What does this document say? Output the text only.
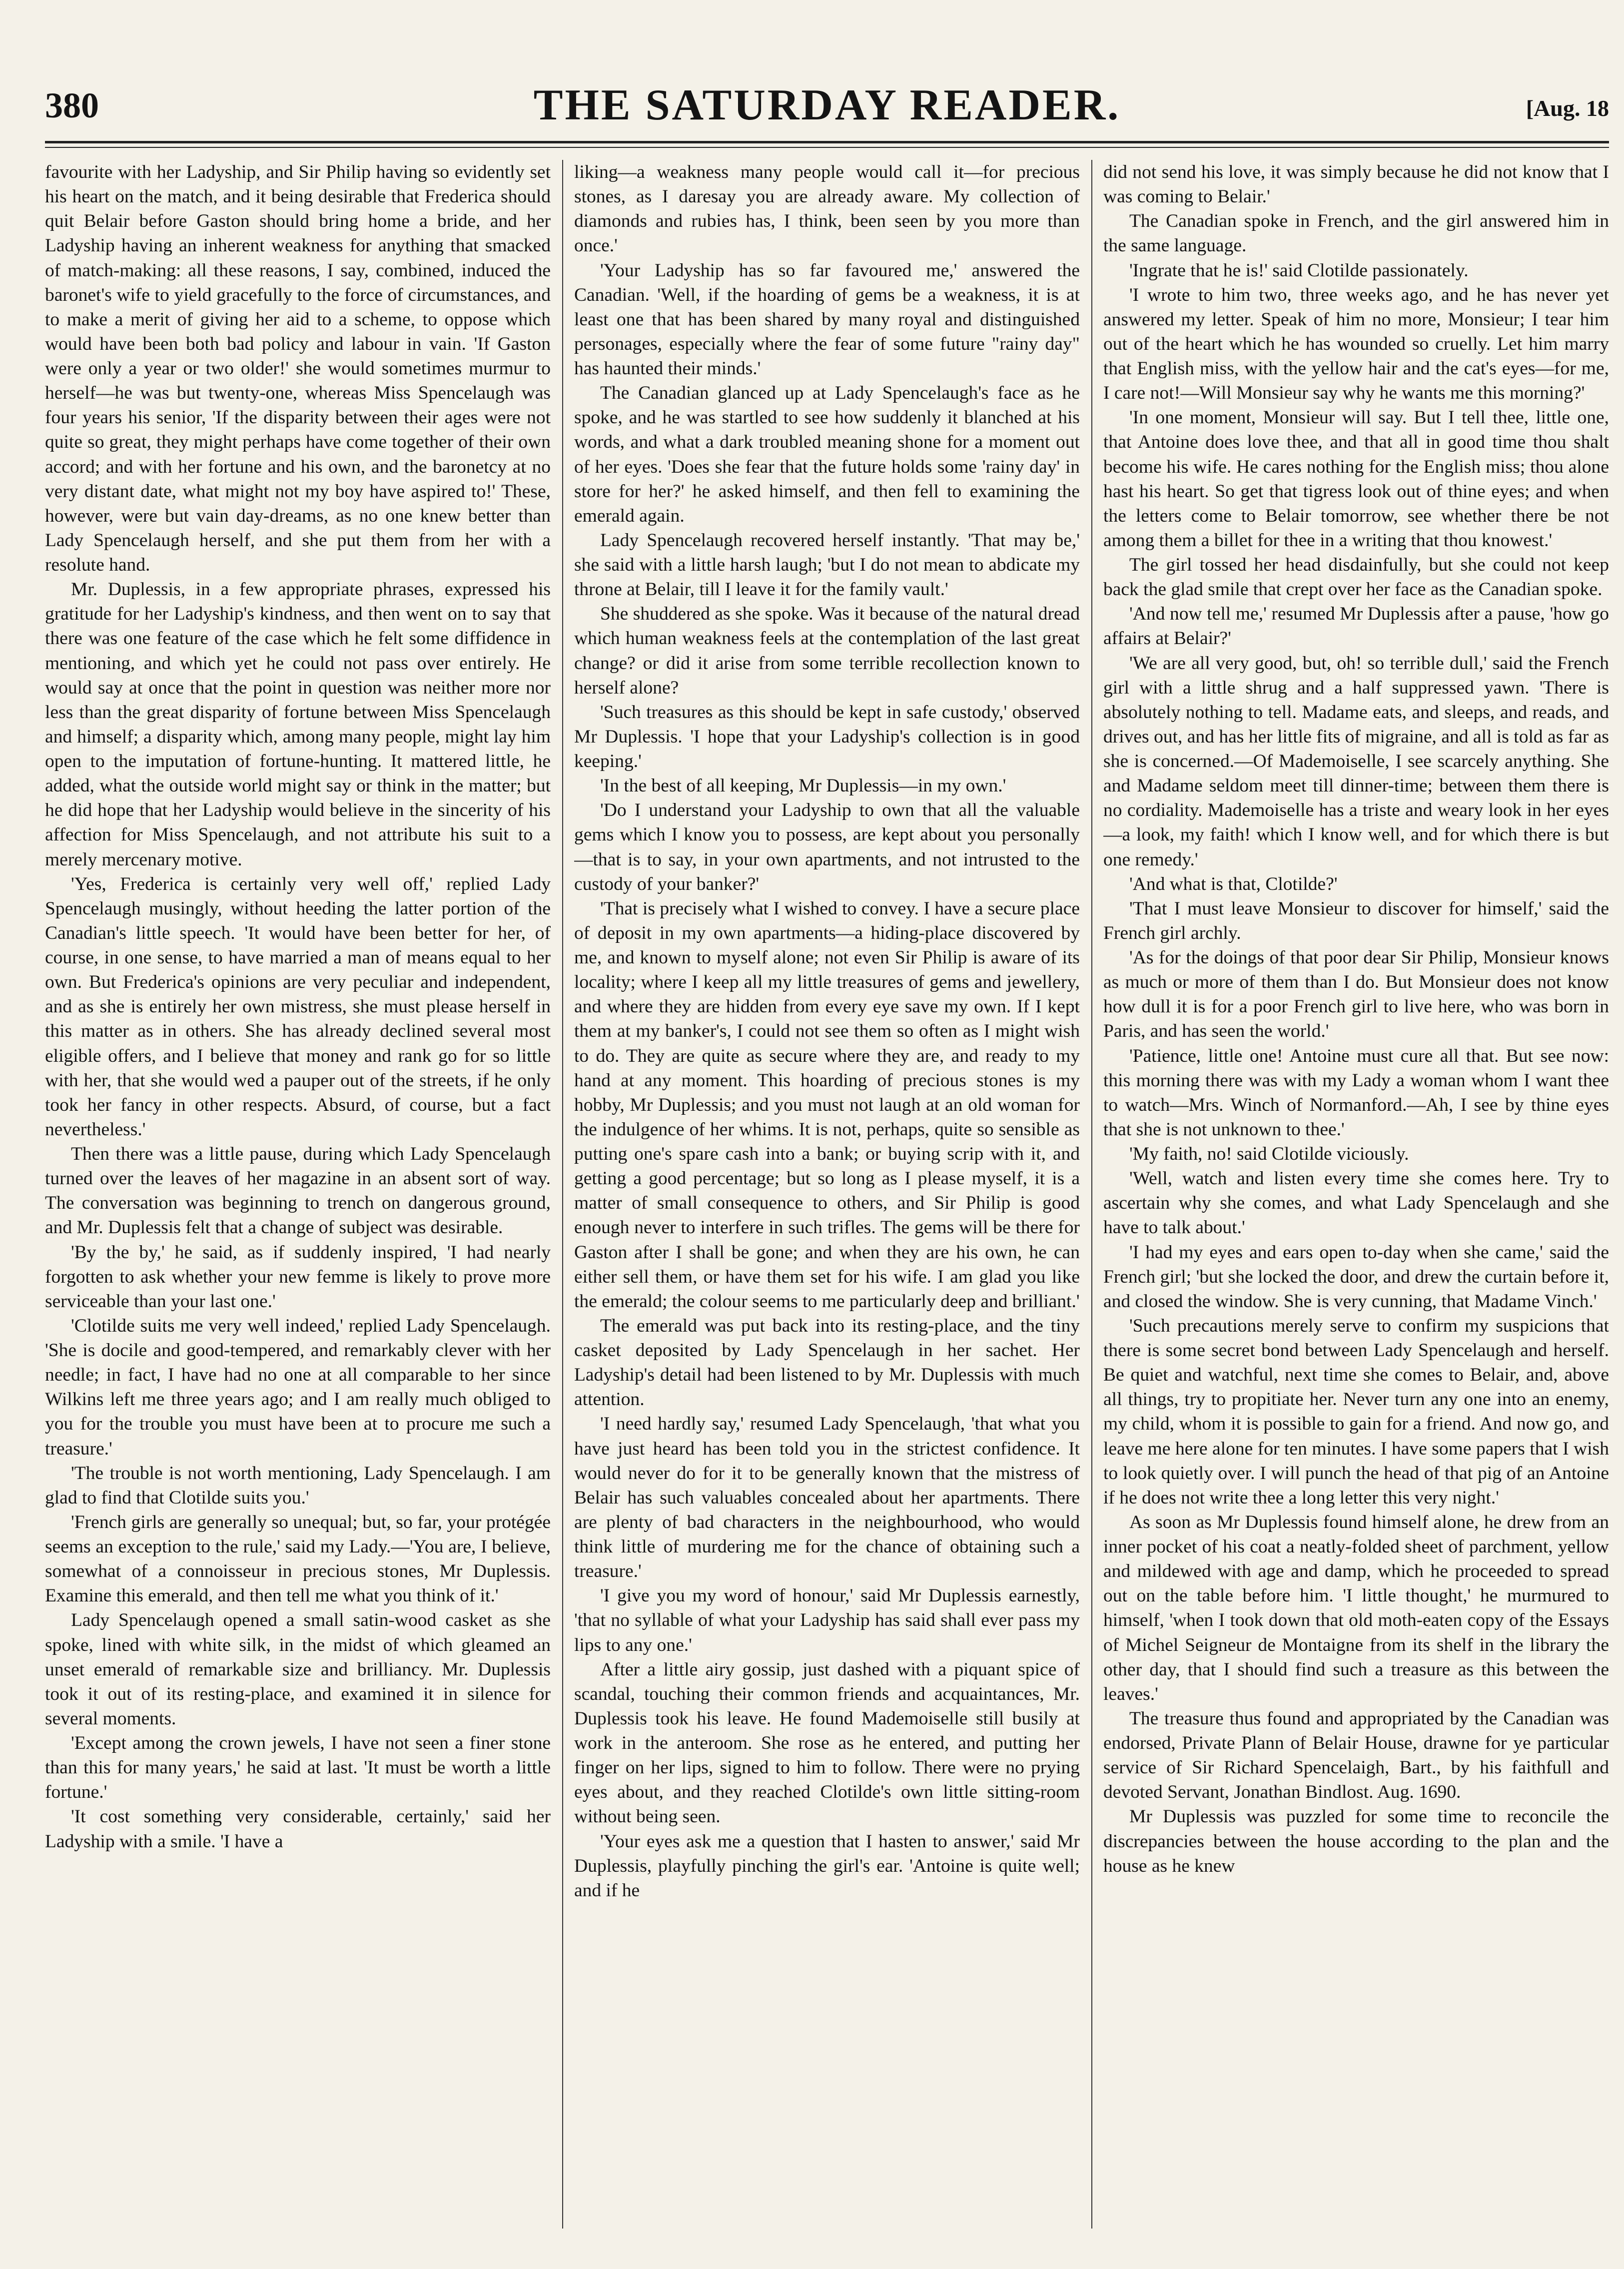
380	THE SATURDAY READER.	[Aug. 18

favourite with her Ladyship, and Sir Philip having so evidently set his heart on the match, and it being desirable that Frederica should quit Belair before Gaston should bring home a bride, and her Ladyship having an inherent weakness for anything that smacked of match-making: all these reasons, I say, combined, induced the baronet's wife to yield gracefully to the force of circumstances, and to make a merit of giving her aid to a scheme, to oppose which would have been both bad policy and labour in vain. 'If Gaston were only a year or two older!' she would sometimes murmur to herself—he was but twenty-one, whereas Miss Spencelaugh was four years his senior, 'If the disparity between their ages were not quite so great, they might perhaps have come together of their own accord; and with her fortune and his own, and the baronetcy at no very distant date, what might not my boy have aspired to!' These, however, were but vain day-dreams, as no one knew better than Lady Spencelaugh herself, and she put them from her with a resolute hand.

Mr. Duplessis, in a few appropriate phrases, expressed his gratitude for her Ladyship's kindness, and then went on to say that there was one feature of the case which he felt some diffidence in mentioning, and which yet he could not pass over entirely. He would say at once that the point in question was neither more nor less than the great disparity of fortune between Miss Spencelaugh and himself; a disparity which, among many people, might lay him open to the imputation of fortune-hunting. It mattered little, he added, what the outside world might say or think in the matter; but he did hope that her Ladyship would believe in the sincerity of his affection for Miss Spencelaugh, and not attribute his suit to a merely mercenary motive.

'Yes, Frederica is certainly very well off,' replied Lady Spencelaugh musingly, without heeding the latter portion of the Canadian's little speech. 'It would have been better for her, of course, in one sense, to have married a man of means equal to her own. But Frederica's opinions are very peculiar and independent, and as she is entirely her own mistress, she must please herself in this matter as in others. She has already declined several most eligible offers, and I believe that money and rank go for so little with her, that she would wed a pauper out of the streets, if he only took her fancy in other respects. Absurd, of course, but a fact nevertheless.'

Then there was a little pause, during which Lady Spencelaugh turned over the leaves of her magazine in an absent sort of way. The conversation was beginning to trench on dangerous ground, and Mr. Duplessis felt that a change of subject was desirable.

'By the by,' he said, as if suddenly inspired, 'I had nearly forgotten to ask whether your new femme is likely to prove more serviceable than your last one.'

'Clotilde suits me very well indeed,' replied Lady Spencelaugh. 'She is docile and good-tempered, and remarkably clever with her needle; in fact, I have had no one at all comparable to her since Wilkins left me three years ago; and I am really much obliged to you for the trouble you must have been at to procure me such a treasure.'

'The trouble is not worth mentioning, Lady Spencelaugh. I am glad to find that Clotilde suits you.'

'French girls are generally so unequal; but, so far, your protégée seems an exception to the rule,' said my Lady.—'You are, I believe, somewhat of a connoisseur in precious stones, Mr Duplessis. Examine this emerald, and then tell me what you think of it.'

Lady Spencelaugh opened a small satin-wood casket as she spoke, lined with white silk, in the midst of which gleamed an unset emerald of remarkable size and brilliancy. Mr. Duplessis took it out of its resting-place, and examined it in silence for several moments.

'Except among the crown jewels, I have not seen a finer stone than this for many years,' he said at last. 'It must be worth a little fortune.'

'It cost something very considerable, certainly,' said her Ladyship with a smile. 'I have a

liking—a weakness many people would call it—for precious stones, as I daresay you are already aware. My collection of diamonds and rubies has, I think, been seen by you more than once.'

'Your Ladyship has so far favoured me,' answered the Canadian. 'Well, if the hoarding of gems be a weakness, it is at least one that has been shared by many royal and distinguished personages, especially where the fear of some future "rainy day" has haunted their minds.'

The Canadian glanced up at Lady Spencelaugh's face as he spoke, and he was startled to see how suddenly it blanched at his words, and what a dark troubled meaning shone for a moment out of her eyes. 'Does she fear that the future holds some 'rainy day' in store for her?' he asked himself, and then fell to examining the emerald again.

Lady Spencelaugh recovered herself instantly. 'That may be,' she said with a little harsh laugh; 'but I do not mean to abdicate my throne at Belair, till I leave it for the family vault.'

She shuddered as she spoke. Was it because of the natural dread which human weakness feels at the contemplation of the last great change? or did it arise from some terrible recollection known to herself alone?

'Such treasures as this should be kept in safe custody,' observed Mr Duplessis. 'I hope that your Ladyship's collection is in good keeping.'

'In the best of all keeping, Mr Duplessis—in my own.'

'Do I understand your Ladyship to own that all the valuable gems which I know you to possess, are kept about you personally—that is to say, in your own apartments, and not intrusted to the custody of your banker?'

'That is precisely what I wished to convey. I have a secure place of deposit in my own apartments—a hiding-place discovered by me, and known to myself alone; not even Sir Philip is aware of its locality; where I keep all my little treasures of gems and jewellery, and where they are hidden from every eye save my own. If I kept them at my banker's, I could not see them so often as I might wish to do. They are quite as secure where they are, and ready to my hand at any moment. This hoarding of precious stones is my hobby, Mr Duplessis; and you must not laugh at an old woman for the indulgence of her whims. It is not, perhaps, quite so sensible as putting one's spare cash into a bank; or buying scrip with it, and getting a good percentage; but so long as I please myself, it is a matter of small consequence to others, and Sir Philip is good enough never to interfere in such trifles. The gems will be there for Gaston after I shall be gone; and when they are his own, he can either sell them, or have them set for his wife. I am glad you like the emerald; the colour seems to me particularly deep and brilliant.'

The emerald was put back into its resting-place, and the tiny casket deposited by Lady Spencelaugh in her sachet. Her Ladyship's detail had been listened to by Mr. Duplessis with much attention.

'I need hardly say,' resumed Lady Spencelaugh, 'that what you have just heard has been told you in the strictest confidence. It would never do for it to be generally known that the mistress of Belair has such valuables concealed about her apartments. There are plenty of bad characters in the neighbourhood, who would think little of murdering me for the chance of obtaining such a treasure.'

'I give you my word of honour,' said Mr Duplessis earnestly, 'that no syllable of what your Ladyship has said shall ever pass my lips to any one.'

After a little airy gossip, just dashed with a piquant spice of scandal, touching their common friends and acquaintances, Mr. Duplessis took his leave. He found Mademoiselle still busily at work in the anteroom. She rose as he entered, and putting her finger on her lips, signed to him to follow. There were no prying eyes about, and they reached Clotilde's own little sitting-room without being seen.

'Your eyes ask me a question that I hasten to answer,' said Mr Duplessis, playfully pinching the girl's ear. 'Antoine is quite well; and if he

did not send his love, it was simply because he did not know that I was coming to Belair.'

The Canadian spoke in French, and the girl answered him in the same language.

'Ingrate that he is!' said Clotilde passionately.

'I wrote to him two, three weeks ago, and he has never yet answered my letter. Speak of him no more, Monsieur; I tear him out of the heart which he has wounded so cruelly. Let him marry that English miss, with the yellow hair and the cat's eyes—for me, I care not!—Will Monsieur say why he wants me this morning?'

'In one moment, Monsieur will say. But I tell thee, little one, that Antoine does love thee, and that all in good time thou shalt become his wife. He cares nothing for the English miss; thou alone hast his heart. So get that tigress look out of thine eyes; and when the letters come to Belair tomorrow, see whether there be not among them a billet for thee in a writing that thou knowest.'

The girl tossed her head disdainfully, but she could not keep back the glad smile that crept over her face as the Canadian spoke.

'And now tell me,' resumed Mr Duplessis after a pause, 'how go affairs at Belair?'

'We are all very good, but, oh! so terrible dull,' said the French girl with a little shrug and a half suppressed yawn. 'There is absolutely nothing to tell. Madame eats, and sleeps, and reads, and drives out, and has her little fits of migraine, and all is told as far as she is concerned.—Of Mademoiselle, I see scarcely anything. She and Madame seldom meet till dinner-time; between them there is no cordiality. Mademoiselle has a triste and weary look in her eyes—a look, my faith! which I know well, and for which there is but one remedy.'

'And what is that, Clotilde?'

'That I must leave Monsieur to discover for himself,' said the French girl archly.

'As for the doings of that poor dear Sir Philip, Monsieur knows as much or more of them than I do. But Monsieur does not know how dull it is for a poor French girl to live here, who was born in Paris, and has seen the world.'

'Patience, little one! Antoine must cure all that. But see now: this morning there was with my Lady a woman whom I want thee to watch—Mrs. Winch of Normanford.—Ah, I see by thine eyes that she is not unknown to thee.'

'My faith, no! said Clotilde viciously.

'Well, watch and listen every time she comes here. Try to ascertain why she comes, and what Lady Spencelaugh and she have to talk about.'

'I had my eyes and ears open to-day when she came,' said the French girl; 'but she locked the door, and drew the curtain before it, and closed the window. She is very cunning, that Madame Vinch.'

'Such precautions merely serve to confirm my suspicions that there is some secret bond between Lady Spencelaugh and herself. Be quiet and watchful, next time she comes to Belair, and, above all things, try to propitiate her. Never turn any one into an enemy, my child, whom it is possible to gain for a friend. And now go, and leave me here alone for ten minutes. I have some papers that I wish to look quietly over. I will punch the head of that pig of an Antoine if he does not write thee a long letter this very night.'

As soon as Mr Duplessis found himself alone, he drew from an inner pocket of his coat a neatly-folded sheet of parchment, yellow and mildewed with age and damp, which he proceeded to spread out on the table before him. 'I little thought,' he murmured to himself, 'when I took down that old moth-eaten copy of the Essays of Michel Seigneur de Montaigne from its shelf in the library the other day, that I should find such a treasure as this between the leaves.'

The treasure thus found and appropriated by the Canadian was endorsed, Private Plann of Belair House, drawne for ye particular service of Sir Richard Spencelaigh, Bart., by his faithfull and devoted Servant, Jonathan Bindlost. Aug. 1690.

Mr Duplessis was puzzled for some time to reconcile the discrepancies between the house according to the plan and the house as he knew
